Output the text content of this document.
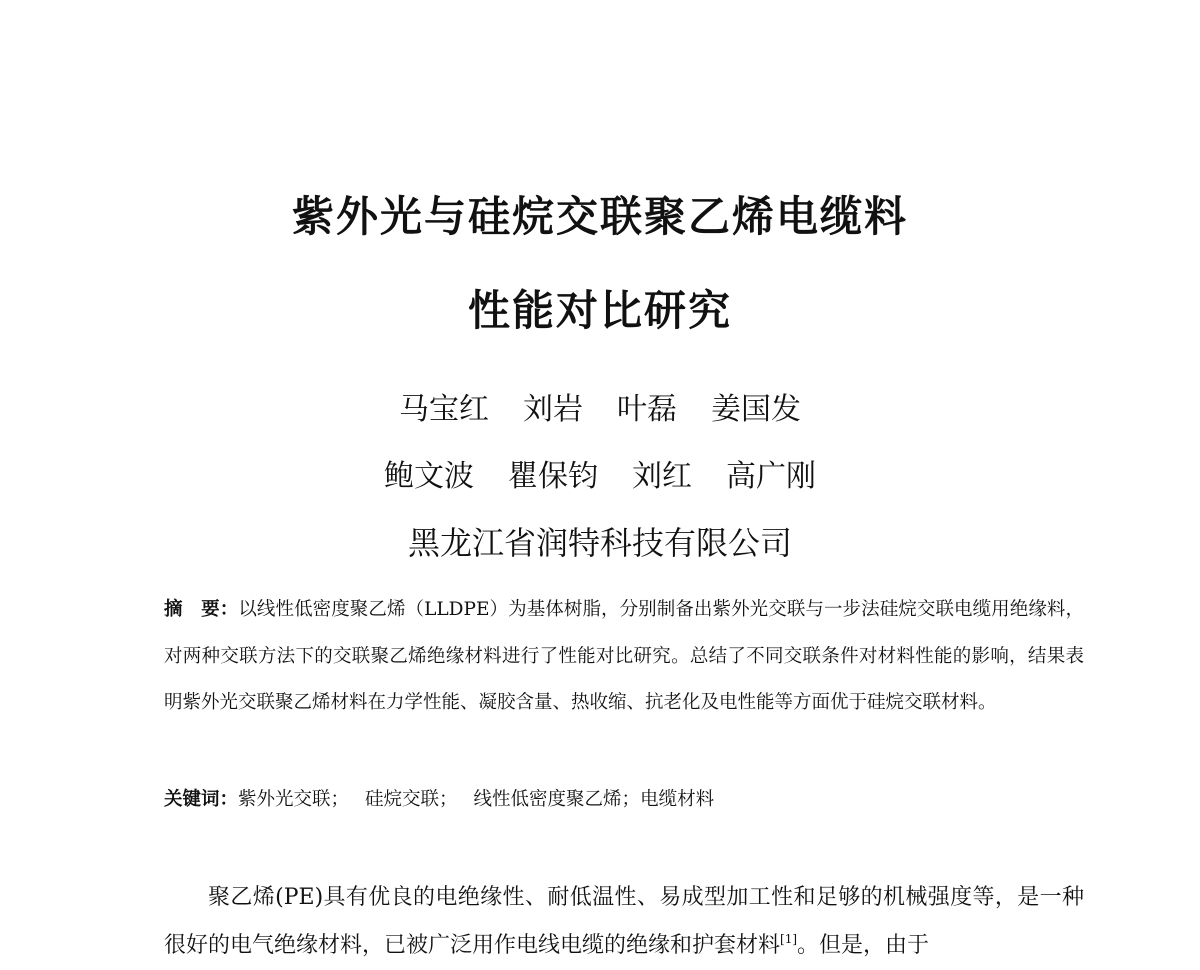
紫外光与硅烷交联聚乙烯电缆料
性能对比研究
马宝红 刘岩 叶磊 姜国发
鲍文波 瞿保钧 刘红 高广刚
黑龙江省润特科技有限公司
摘　要：以线性低密度聚乙烯（LLDPE）为基体树脂，分别制备出紫外光交联与一步法硅烷交联电缆用绝缘料，对两种交联方法下的交联聚乙烯绝缘材料进行了性能对比研究。总结了不同交联条件对材料性能的影响，结果表明紫外光交联聚乙烯材料在力学性能、凝胶含量、热收缩、抗老化及电性能等方面优于硅烷交联材料。
关键词：紫外光交联； 硅烷交联； 线性低密度聚乙烯；电缆材料
聚乙烯(PE)具有优良的电绝缘性、耐低温性、易成型加工性和足够的机械强度等，是一种很好的电气绝缘材料，已被广泛用作电线电缆的绝缘和护套材料[1]。但是，由于
